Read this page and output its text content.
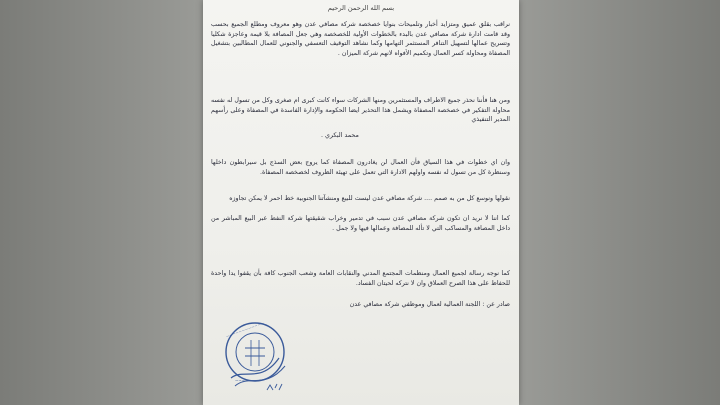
بسم الله الرحمن الرحيم
نراقب بقلق عميق ومتزايد أخبار وتلميحات بنوايا خصخصة شركة مصافي عدن وهو معروف ومطلع الجميع بحسب وقد قامت ادارة شركة مصافي عدن بالبدء بالخطوات الأولية للخصخصة وهي جعل المصافة بلا قيمة وعاجزة شكليا وتسريح عمالها لتسهيل التنافر المستثمر التهامها وكما نشاهد التوقيف التعسفي والجنوني للعمال المطالبين بتشغيل المصفاة ومحاولة كسر العمال وتكميم الأفواه لانهم شركة الميزان .
ومن هنا فأننا نحذر جميع الاطراف والمستثمرين ومنها الشركات سواء كانت كبرى ام صغرى وكل من تسول له نفسه محاولة التفكير في خصخصة المصفاة ويشمل هذا التحذير ايضا الحكومة والإدارة الفاسدة في المصفاة وعلى رأسهم المدير التنفيذي
محمد البكري .
وان اي خطوات في هذا السياق فأن العمال لن يغادرون المصفاة كما يروج بعض السذج بل سيرابطون داخلها وسنظرة كل من تسول له نفسه واولهم الادارة التي تعمل على تهيئة الظروف لخصخصة المصفاة.
نقولها ونوسع كل من به صمم .... شركة مصافي عدن ليست للبيع ومنشآتنا الجنوبية خط احمر لا يمكن تجاوزه
كما اننا لا نريد ان تكون شركة مصافي عدن سبب في تدمير وخراب شقيقتها شركة النفط عبر البيع المباشر من داخل المصافة والمساكب التي لا تأله للمصافة وعمالها فيها ولا جمل .
كما نوجه رسالة لجميع العمال ومنظمات المجتمع المدني والنقابات العامة وشعب الجنوب كافة بأن يقفوا يدا واحدة للحفاظ على هذا الصرح العملاق وان لا نتركه لحيتان الفساد.
صادر عن : اللجنة العمالية لعمال وموظفي شركة مصافي عدن
~~~~~~~~~~~~
~~~~~~
